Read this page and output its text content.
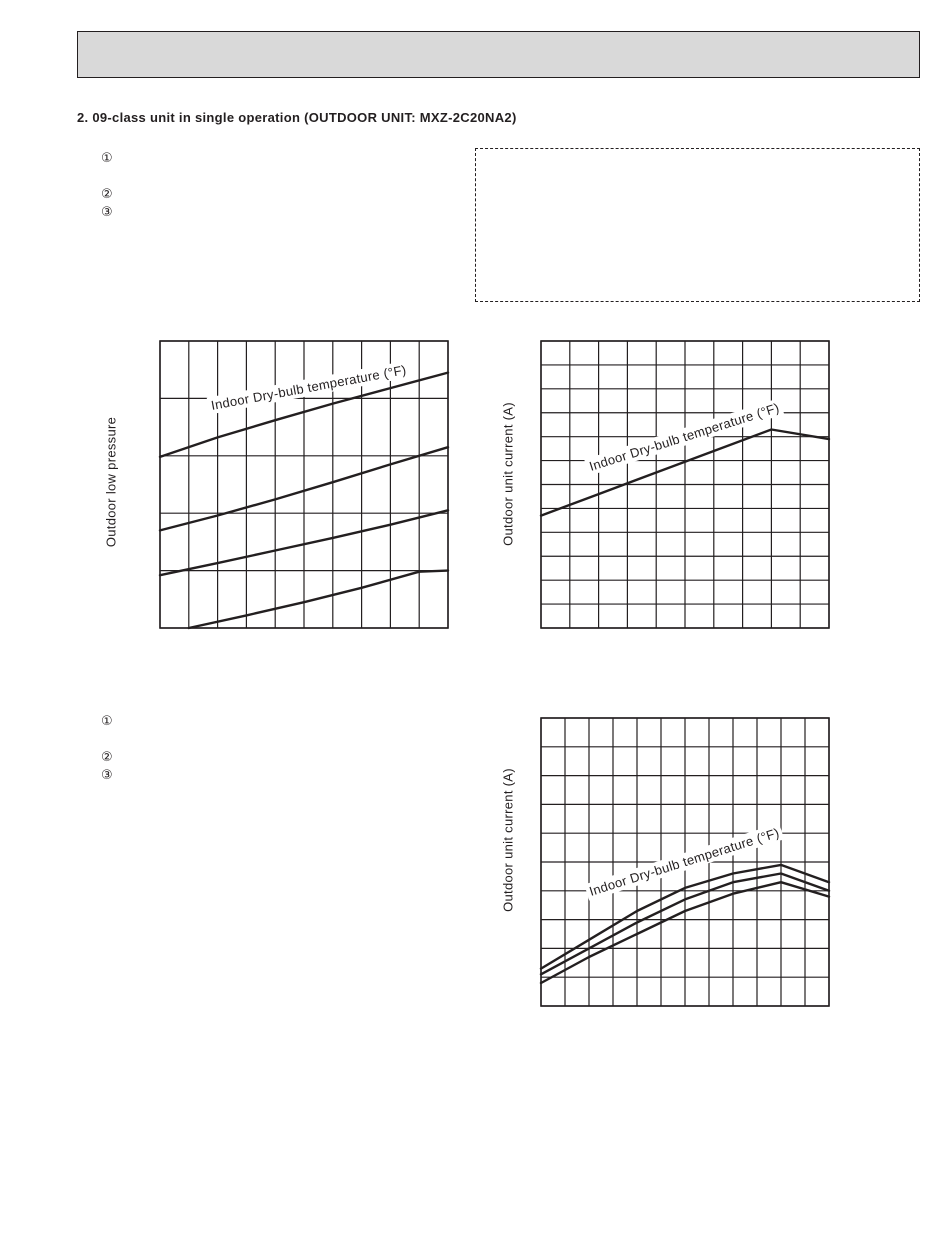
2. 09-class unit in single operation (OUTDOOR UNIT: MXZ-2C20NA2)
①
②
③
①
②
③
Outdoor low pressure
Indoor Dry-bulb temperature (°F)
Outdoor unit current (A)	Indoor Dry-bulb temperature (°F)
Outdoor unit current (A)	Indoor Dry-bulb temperature (°F)
